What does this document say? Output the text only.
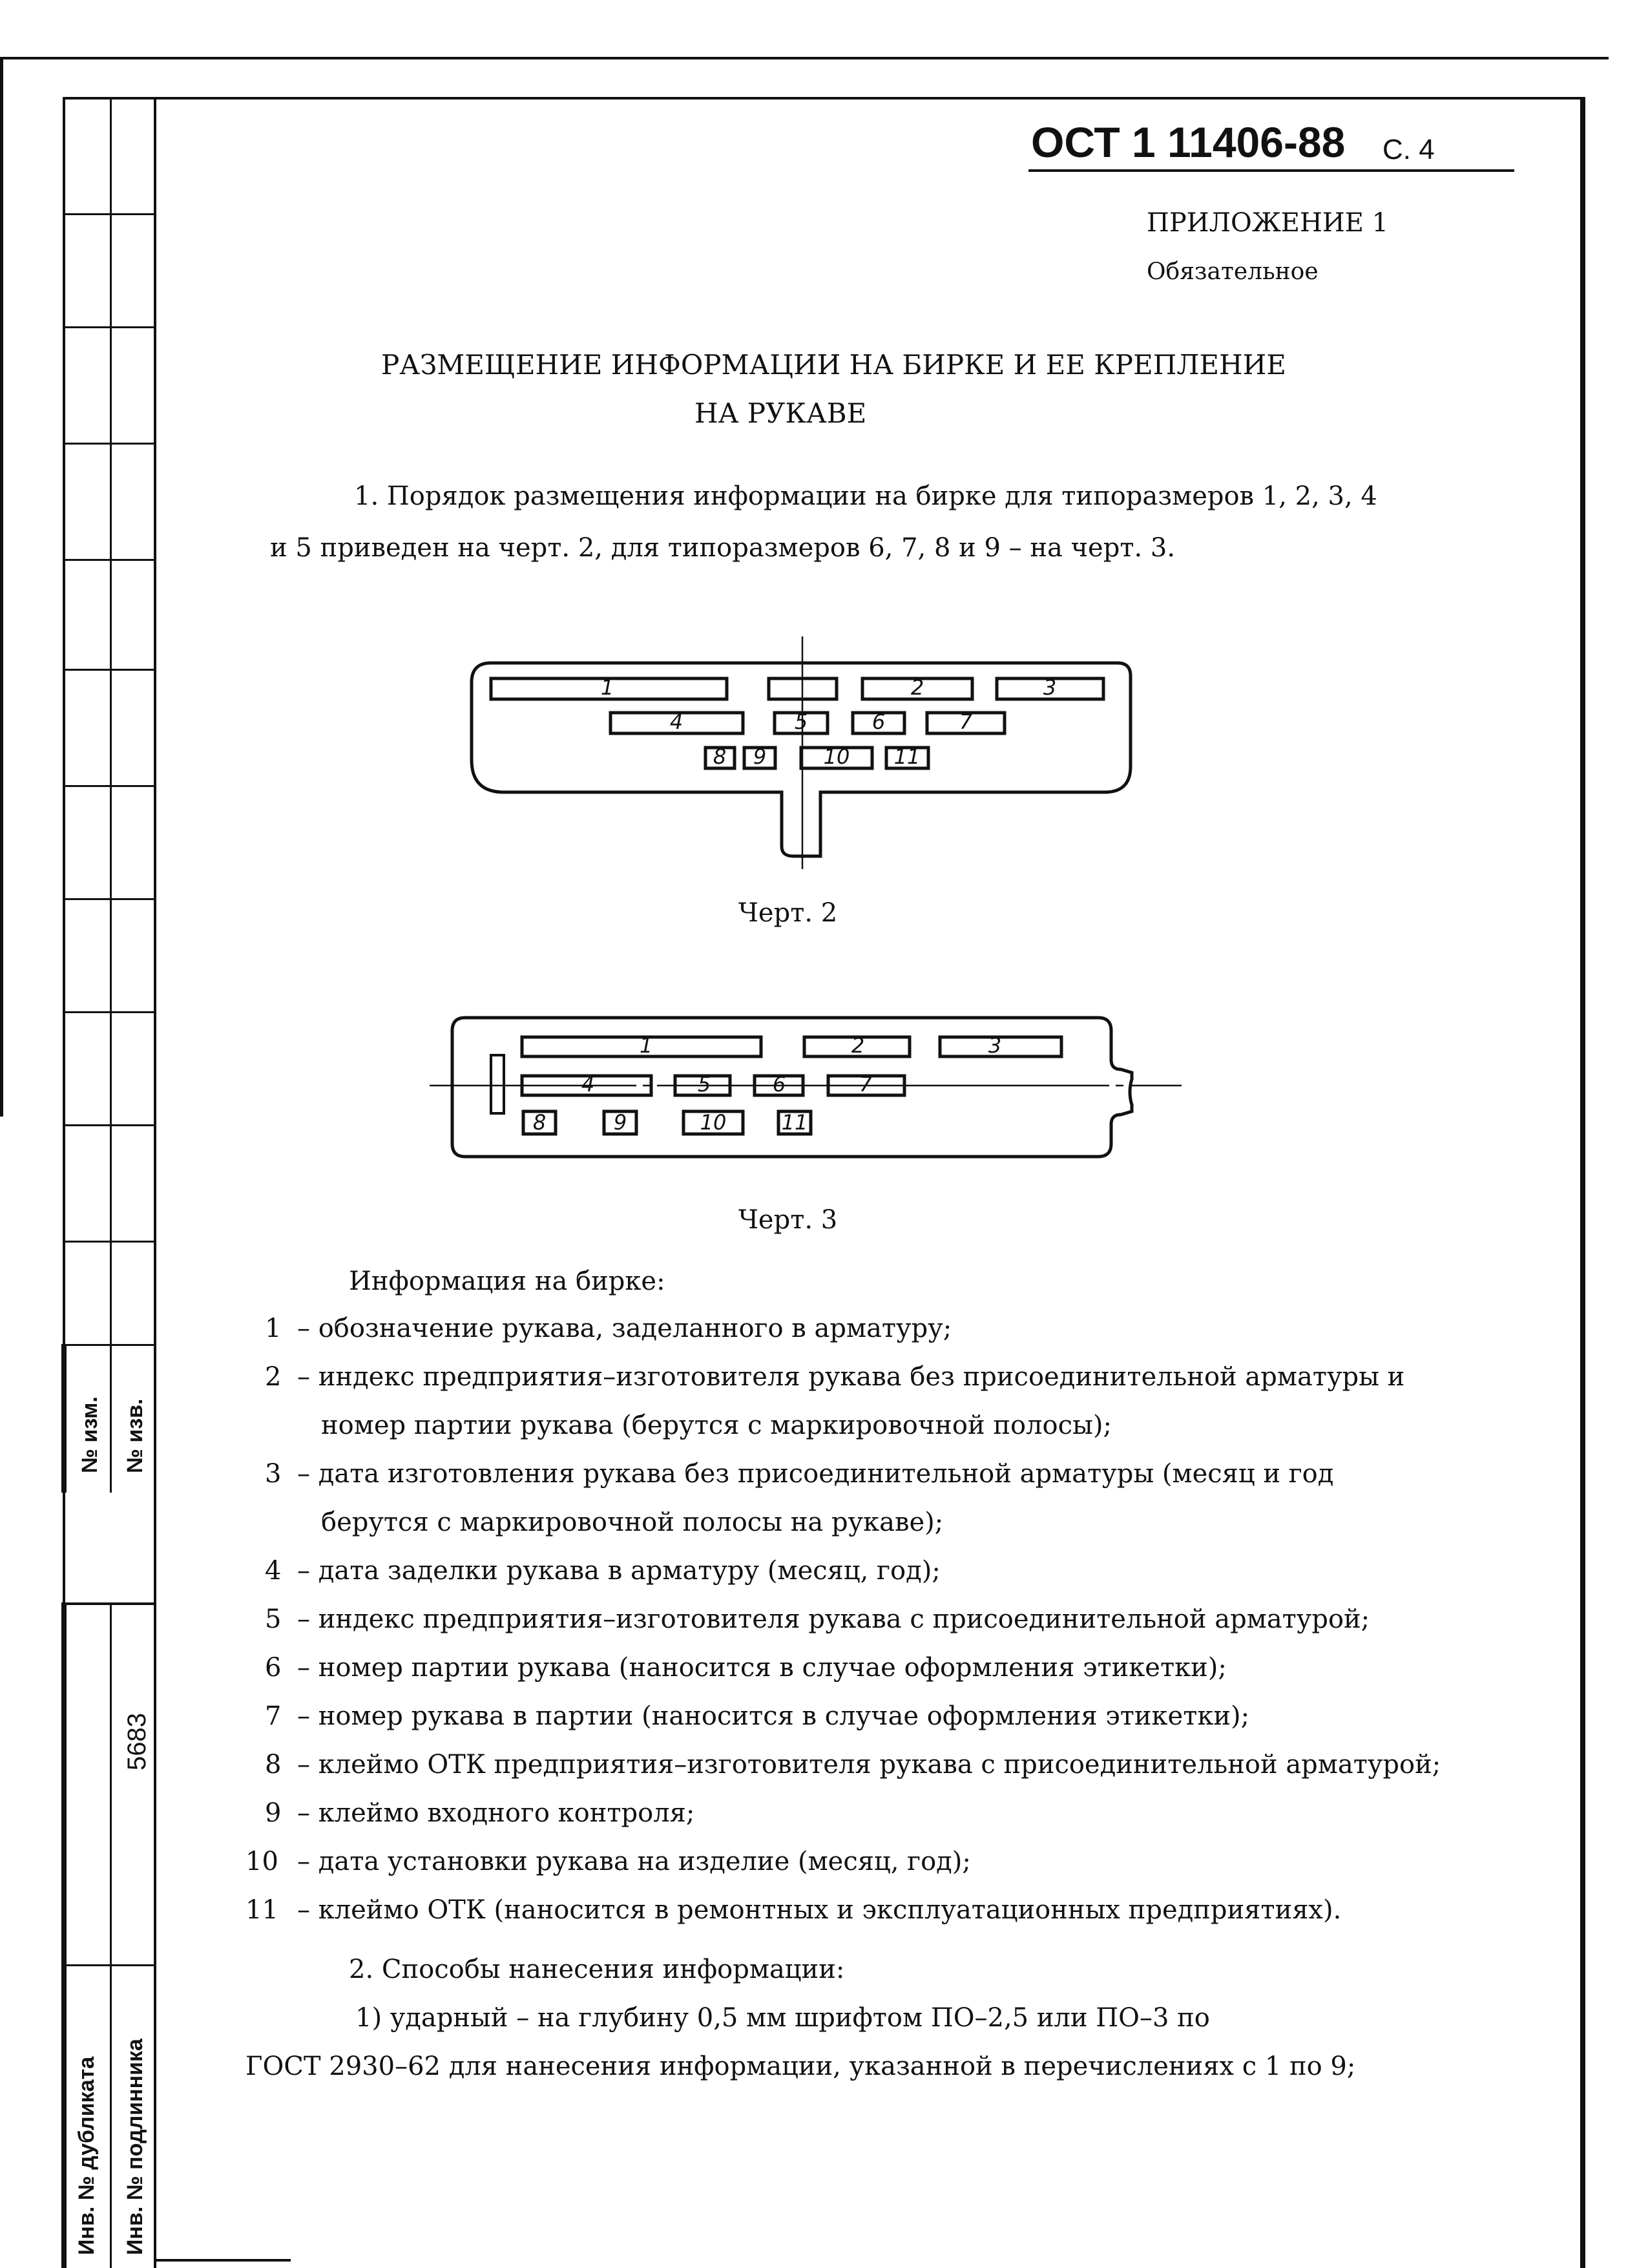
№ изм. № изв.
Инв. № дубликата Инв. № подлинника
5683
ОСТ 1 11406-88 С. 4
ПРИЛОЖЕНИЕ 1
Обязательное
РАЗМЕЩЕНИЕ ИНФОРМАЦИИ НА БИРКЕ И ЕЕ КРЕПЛЕНИЕ
НА РУКАВЕ
1. Порядок размещения информации на бирке для типоразмеров 1, 2, 3, 4
и 5 приведен на черт. 2, для типоразмеров 6, 7, 8 и 9 – на черт. 3.
1	2	3
4	5	6	7
8 9	10 11
Черт. 2
1	2	3
4	5	6	7
8	9	10	11
Черт. 3
Информация на бирке:
1 – обозначение рукава, заделанного в арматуру;
2 – индекс предприятия–изготовителя рукава без присоединительной арматуры и
номер партии рукава (берутся с маркировочной полосы);
3 – дата изготовления рукава без присоединительной арматуры (месяц и год
берутся с маркировочной полосы на рукаве);
4 – дата заделки рукава в арматуру (месяц, год);
5 – индекс предприятия–изготовителя рукава с присоединительной арматурой;
6 – номер партии рукава (наносится в случае оформления этикетки);
7 – номер рукава в партии (наносится в случае оформления этикетки);
8 – клеймо ОТК предприятия–изготовителя рукава с присоединительной арматурой;
9 – клеймо входного контроля;
10 – дата установки рукава на изделие (месяц, год);
11 – клеймо ОТК (наносится в ремонтных и эксплуатационных предприятиях).
2. Способы нанесения информации:
1) ударный – на глубину 0,5 мм шрифтом ПО–2,5 или ПО–3 по
ГОСТ 2930–62 для нанесения информации, указанной в перечислениях с 1 по 9;
